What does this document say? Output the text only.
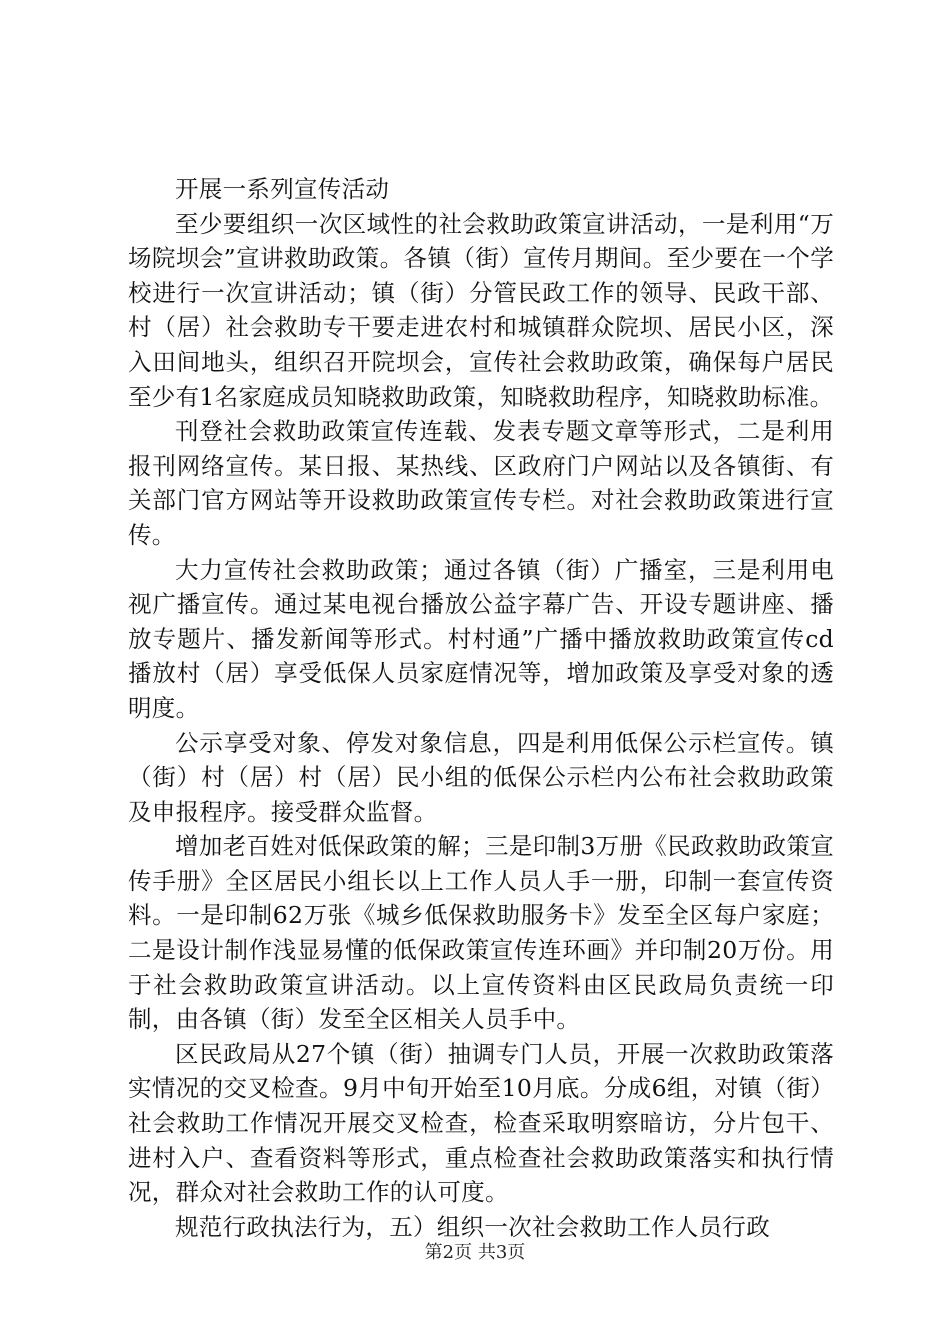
开展一系列宣传活动

至少要组织一次区域性的社会救助政策宣讲活动，一是利用“万场院坝会”宣讲救助政策。各镇（街）宣传月期间。至少要在一个学校进行一次宣讲活动；镇（街）分管民政工作的领导、民政干部、村（居）社会救助专干要走进农村和城镇群众院坝、居民小区，深入田间地头，组织召开院坝会，宣传社会救助政策，确保每户居民至少有1名家庭成员知晓救助政策，知晓救助程序，知晓救助标准。

刊登社会救助政策宣传连载、发表专题文章等形式，二是利用报刊网络宣传。某日报、某热线、区政府门户网站以及各镇街、有关部门官方网站等开设救助政策宣传专栏。对社会救助政策进行宣传。

大力宣传社会救助政策；通过各镇（街）广播室，三是利用电视广播宣传。通过某电视台播放公益字幕广告、开设专题讲座、播放专题片、播发新闻等形式。村村通”广播中播放救助政策宣传cd播放村（居）享受低保人员家庭情况等，增加政策及享受对象的透明度。

公示享受对象、停发对象信息，四是利用低保公示栏宣传。镇（街）村（居）村（居）民小组的低保公示栏内公布社会救助政策及申报程序。接受群众监督。

增加老百姓对低保政策的解；三是印制3万册《民政救助政策宣传手册》全区居民小组长以上工作人员人手一册，印制一套宣传资料。一是印制62万张《城乡低保救助服务卡》发至全区每户家庭；二是设计制作浅显易懂的低保政策宣传连环画》并印制20万份。用于社会救助政策宣讲活动。以上宣传资料由区民政局负责统一印制，由各镇（街）发至全区相关人员手中。

区民政局从27个镇（街）抽调专门人员，开展一次救助政策落实情况的交叉检查。9月中旬开始至10月底。分成6组，对镇（街）社会救助工作情况开展交叉检查，检查采取明察暗访，分片包干、进村入户、查看资料等形式，重点检查社会救助政策落实和执行情况，群众对社会救助工作的认可度。

规范行政执法行为，五）组织一次社会救助工作人员行政

第2页 共3页
